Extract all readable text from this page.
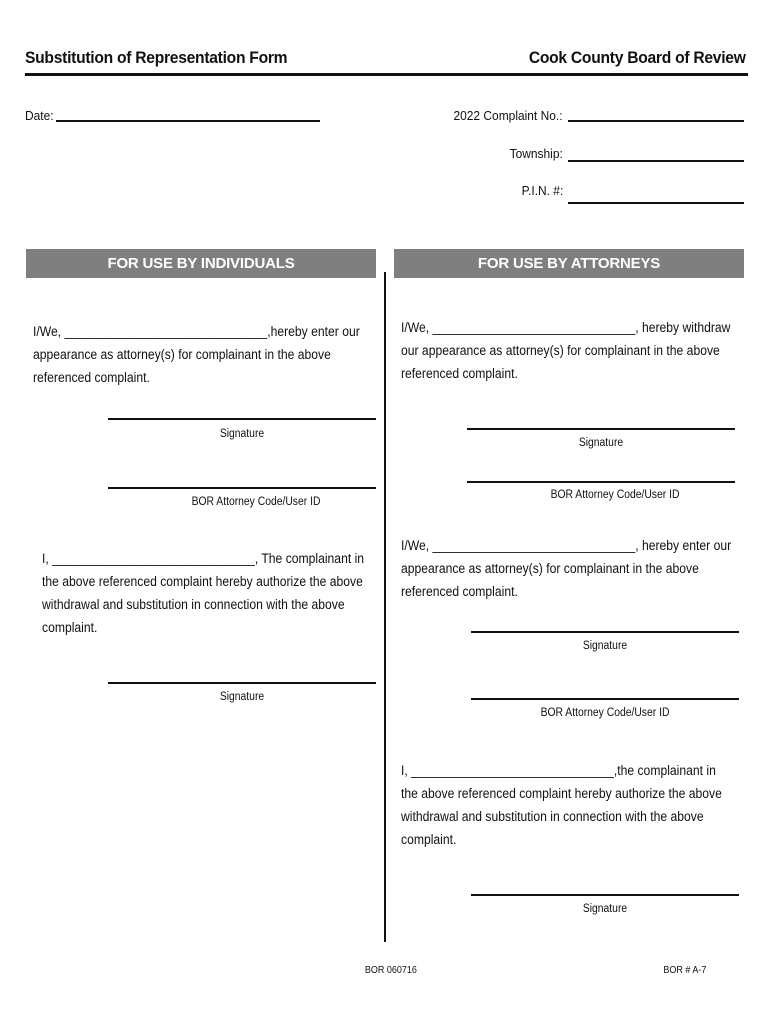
Substitution of Representation Form	Cook County Board of Review
Date:	2022 Complaint No.:
Township:
P.I.N. #:
FOR USE BY INDIVIDUALS	FOR USE BY ATTORNEYS
I/We, ______________________________,hereby enter our
appearance as attorney(s) for complainant in the above
referenced complaint.
Signature
BOR Attorney Code/User ID
I, ______________________________, The complainant in
the above referenced complaint hereby authorize the above
withdrawal and substitution in connection with the above
complaint.
Signature
I/We, ______________________________, hereby withdraw
our appearance as attorney(s) for complainant in the above
referenced complaint.
Signature
BOR Attorney Code/User ID
I/We, ______________________________, hereby enter our
appearance as attorney(s) for complainant in the above
referenced complaint.
Signature
BOR Attorney Code/User ID
I, ______________________________,the complainant in
the above referenced complaint hereby authorize the above
withdrawal and substitution in connection with the above
complaint.
Signature
BOR 060716	BOR # A-7
